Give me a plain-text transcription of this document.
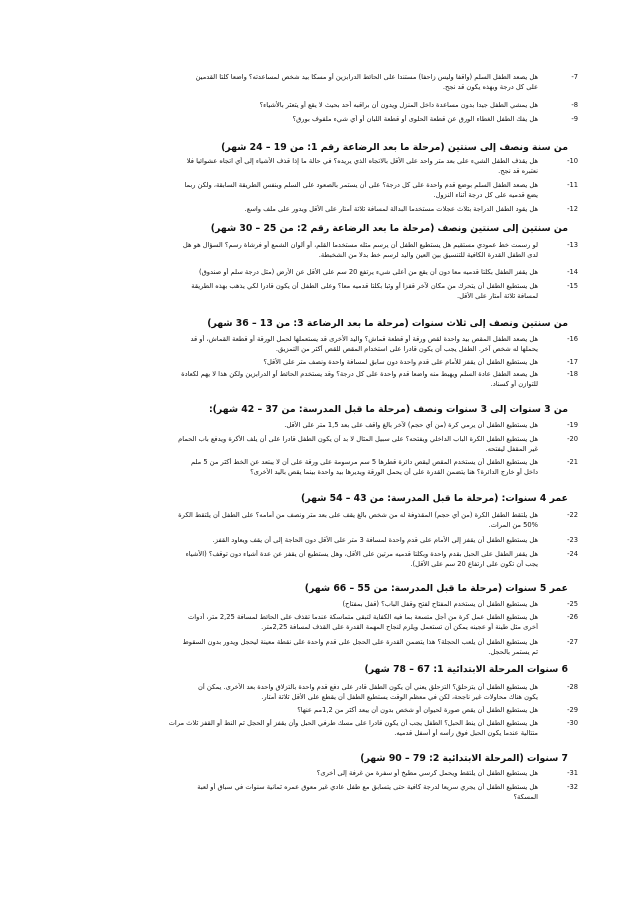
7-
هل يصعد الطفل السلم (واقفا وليس زاحفا) مستندا على الحائط الدرابزين أو مسكا بيد شخص لمساعدته؟ واضعا كلتا القدمين
على كل درجة وبهذه يكون قد نجح.
8-
هل يمشي الطفل جيدا بدون مساعدة داخل المنزل ويدون أن براقبه أحد بحيث لا يقع أو يتعثر بالأشياء؟
9-
هل يفك الطفل الغطاء الورق عن قطعة الحلوى أو قطعة اللبان أو أي شيء ملفوف بورق؟
من سنة ونصف إلى سنتين (مرحلة ما بعد الرضاعة رقم 1: من 19 – 24 شهر)
10-
هل يقذف الطفل الشيء على بعد متر واحد على الأقل بالاتجاه الذي يريده؟ في حالة ما إذا قذف الأشياء إلى أي اتجاه عشوائيا فلا
نعتبره قد نجح.
11-
هل يصعد الطفل السلم بوضع قدم واحدة على كل درجة؟ على أن يستمر بالصعود على السلم وبنفس الطريقة السابقة، ولكن ربما
يضع قدميه على كل درجة أثناء النزول.
12-
هل يقود الطفل الدراجة بثلاث عجلات مستخدما البدالة لمسافة ثلاثة أمتار على الأقل ويدور على ملف واسع.
من سنتين إلى سنتين ونصف (مرحلة ما بعد الرضاعة رقم 2: من 25 – 30 شهر)
13-
لو رسمت خط عمودي مستقيم هل يستطيع الطفل أن يرسم مثله مستخدما القلم، أو ألوان الشمع أو فرشاة رسم؟ السؤال هو هل
لدى الطفل القدرة الكافية للتنسيق بين العين واليد لرسم خط بدلا من الشخبطة.
14-
هل يقفز الطفل بكلتا قدميه معا دون أن يقع من أعلى شيء يرتفع 20 سم على الأقل عن الأرض (مثل درجة سلم أو صندوق)
15-
هل يستطيع الطفل أن يتحرك من مكان لآخر قفزا أو وثبا بكلتا قدميه معا؟ وعلى الطفل أن يكون قادرا لكي يذهب بهذه الطريقة
لمسافة ثلاثة أمتار على الأقل.
من سنتين ونصف إلى ثلاث سنوات (مرحلة ما بعد الرضاعة 3: من 13 – 36 شهر)
16-
هل يصعد الطفل المقص بيد واحدة لقص ورقة أو قطعة قماش؟ واليد الأخرى قد يستعملها لحمل الورقة أو قطعة القماش، أو قد
يحملها له شخص آخر. الطفل يجب أن يكون قادرا على استخدام المقص للقص أكثر من التمزيق.
17-
هل يستطيع الطفل أن يقفز للأمام على قدم واحدة دون سابق لمسافة واحدة ونصف متر على الأقل؟
18-
هل يصعد الطفل عادة السلم ويهبط منه واضعا قدم واحدة على كل درجة؟ وقد يستخدم الحائط أو الدرابزين ولكن هذا لا يهم لكعادة
للتوازن أو كسناد.
من 3 سنوات إلى 3 سنوات ونصف (مرحلة ما قبل المدرسة: من 37 – 42 شهر):
19-
هل يستطيع الطفل أن يرمي كرة (من أي حجم) لآخر بالغ واقف على بعد 1,5 متر على الأقل.
20-
هل يستطيع الطفل الكرة الباب الداخلي ويفتحه؟ على سبيل المثال لا بد أن يكون الطفل قادرا على أن يلف الأكرة ويدفع باب الحمام
غير المقفل ليفتحه.
21-
هل يستطيع الطفل أن يستخدم المقص ليقص دائرة قطرها 5 سم مرسومة على ورقة على أن لا يبتعد عن الخط أكثر من 5 ملم
داخل أو خارج الدائرة؟ هنا يتضمن القدرة على أن يحمل الورقة ويديرها بيد واحدة بينما يقص باليد الأخرى؟
عمر 4 سنوات: (مرحلة ما قبل المدرسة: من 43 – 54 شهر)
22-
هل يلتقط الطفل الكرة (من أي حجم) المقذوفة له من شخص بالغ يقف على بعد متر ونصف من أمامه؟ على الطفل أن يلتقط الكرة
50% من المرات.
23-
هل يستطيع الطفل أن يقفز إلى الأمام على قدم واحدة لمسافة 3 متر على الأقل دون الحاجة إلى أن يقف ويعاود القفز.
24-
هل يقفز الطفل على الحبل بقدم واحدة وبكلتا قدميه مرتين على الأقل، وهل يستطيع أن يقفز عن عدة أشياء دون توقف؟ (الأشياء
يجب أن تكون على ارتفاع 20 سم على الأقل).
عمر 5 سنوات (مرحلة ما قبل المدرسة: من 55 – 66 شهر)
25-
هل يستطيع الطفل أن يستخدم المفتاح لفتح وقفل الباب؟ (قفل بمفتاح)
26-
هل يستطيع الطفل عمل كرة من أجل متسعة بما فيه الكفاية لتبقى متماسكة عندما تقذف على الحائط لمسافة 2,25 متر، أدوات
أخرى مثل طينة أو عجينه يمكن أن تستعمل ويلزم لنجاح المهمة القدرة على القذف لمسافة 2,25متر.
27-
هل يستطيع الطفل أن يلعب الحجلة؟ هذا يتضمن القدرة على الحجل على قدم واحدة على نقطة معينة ليحجل ويدور بدون السقوط
ثم يستمر بالحجل.
6 سنوات المرحلة الابتدائية 1: 67 – 78 شهر)
28-
هل يستطيع الطفل أن يتزحلق؟ التزحلق يعني أن يكون الطفل قادر على دفع قدم واحدة بالتزلاق واحدة بعد الأخرى. يمكن أن
يكون هناك محاولات غير ناجحة، لكن في معظم الوقت يستطيع الطفل أن يقطع على الأقل ثلاثة أمتار.
29-
هل يستطيع الطفل أن يقص صورة لحيوان أو شخص بدون أن يبعد أكثر من 1,2مم عنها؟
30-
هل يستطيع الطفل أن ينط الحبل؟ الطفل يجب أن يكون قادرا على مسك طرفي الحبل وأن يقفز أو الحجل ثم النط أو القفز ثلاث مرات
متتالية عندما يكون الحبل فوق رأسه أو أسفل قدميه.
7 سنوات (المرحلة الابتدائية 2: 79 – 90 شهر)
31-
هل يستطيع الطفل أن يلتقط ويحمل كرسي مطبخ أو سفرة من غرفة إلى أخرى؟
32-
هل يستطيع الطفل أن يجري سريعا لدرجة كافية حتى يتسابق مع طفل عادي غير معوق عمره ثمانية سنوات في سباق أو لعبة
المسكة؟
